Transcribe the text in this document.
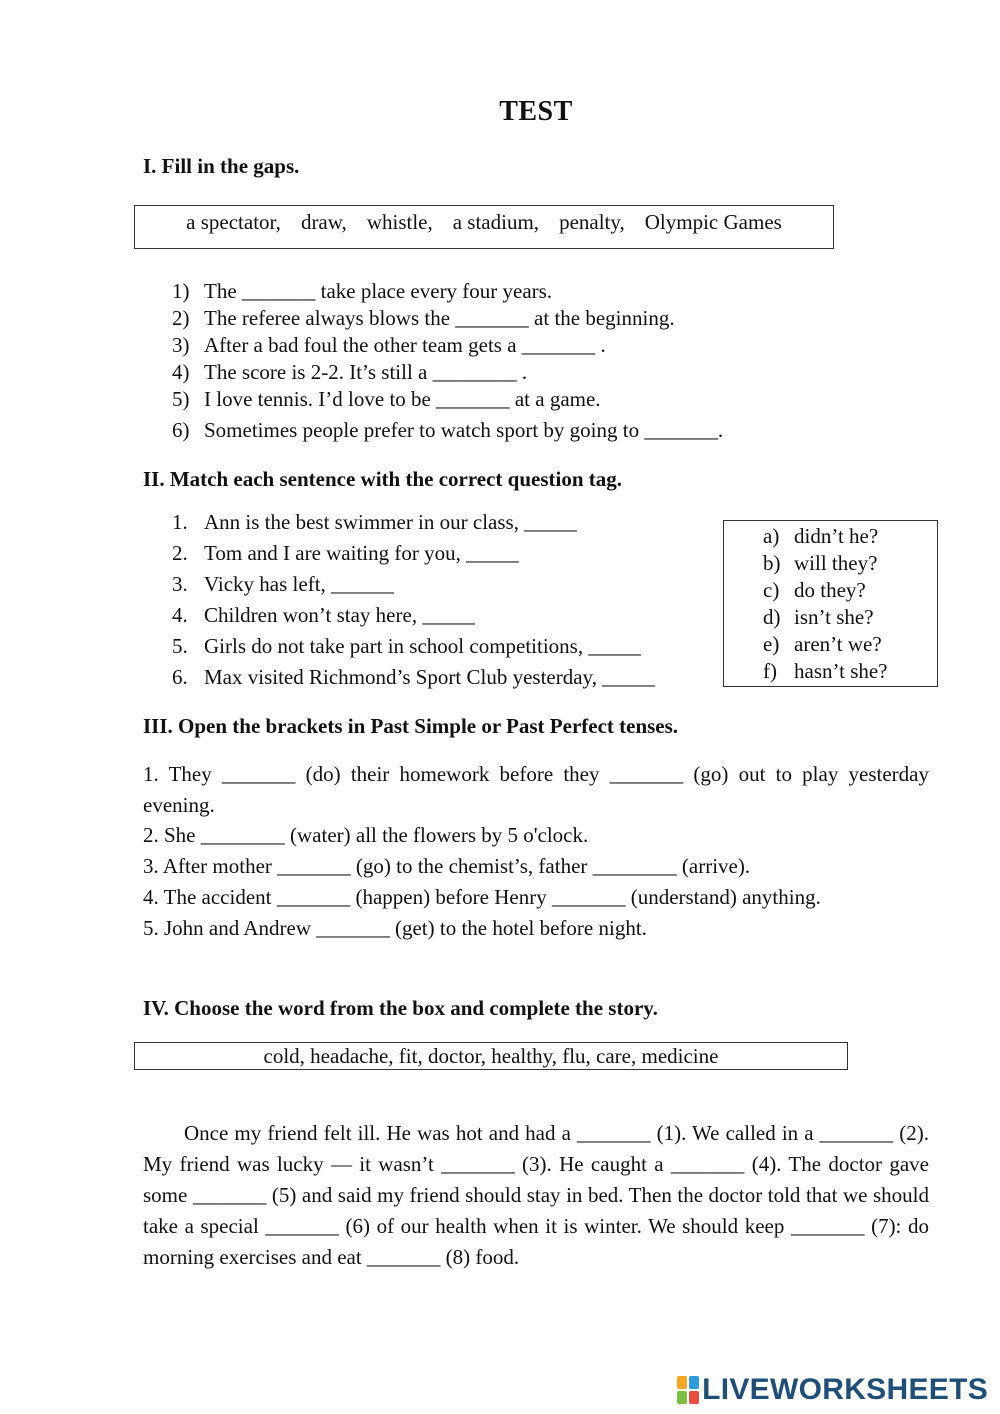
TEST
I. Fill in the gaps.
a spectator, draw, whistle, a stadium, penalty, Olympic Games
1) The _______ take place every four years.
2) The referee always blows the _______ at the beginning.
3) After a bad foul the other team gets a _______ .
4) The score is 2-2. It’s still a ________ .
5) I love tennis. I’d love to be _______ at a game.
6) Sometimes people prefer to watch sport by going to _______.
II. Match each sentence with the correct question tag.
1. Ann is the best swimmer in our class, _____
2. Tom and I are waiting for you, _____
3. Vicky has left, ______
4. Children won’t stay here, _____
5. Girls do not take part in school competitions, _____
6. Max visited Richmond’s Sport Club yesterday, _____
a) didn’t he?
b) will they?
c) do they?
d) isn’t she?
e) aren’t we?
f) hasn’t she?
III. Open the brackets in Past Simple or Past Perfect tenses.
1. They _______ (do) their homework before they _______ (go) out to play yesterday evening.
2. She ________ (water) all the flowers by 5 o'clock.
3. After mother _______ (go) to the chemist’s, father ________ (arrive).
4. The accident _______ (happen) before Henry _______ (understand) anything.
5. John and Andrew _______ (get) to the hotel before night.
IV. Choose the word from the box and complete the story.
cold, headache, fit, doctor, healthy, flu, care, medicine
Once my friend felt ill. He was hot and had a _______ (1). We called in a _______ (2). My friend was lucky — it wasn’t _______ (3). He caught a _______ (4). The doctor gave some _______ (5) and said my friend should stay in bed. Then the doctor told that we should take a special _______ (6) of our health when it is winter. We should keep _______ (7): do morning exercises and eat _______ (8) food.
LIVEWORKSHEETS
